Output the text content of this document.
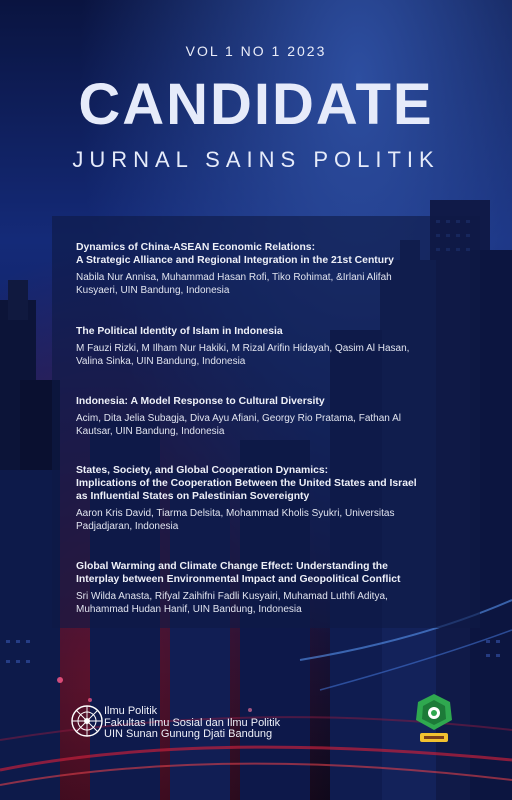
VOL 1 NO 1 2023
CANDIDATE
JURNAL SAINS POLITIK
Dynamics of China-ASEAN Economic Relations:
A Strategic Alliance and Regional Integration in the 21st Century
Nabila Nur Annisa, Muhammad Hasan Rofi, Tiko Rohimat, &Irlani Alifah
Kusyaeri, UIN Bandung, Indonesia
The Political Identity of Islam in Indonesia
M Fauzi Rizki, M Ilham Nur Hakiki, M Rizal Arifin Hidayah, Qasim Al Hasan,
Valina Sinka, UIN Bandung, Indonesia
Indonesia: A Model Response to Cultural Diversity
Acim, Dita Jelia Subagja, Diva Ayu Afiani, Georgy Rio Pratama, Fathan Al
Kautsar, UIN Bandung, Indonesia
States, Society, and Global Cooperation Dynamics:
Implications of the Cooperation Between the United States and Israel
as Influential States on Palestinian Sovereignty
Aaron Kris David, Tiarma Delsita, Mohammad Kholis Syukri, Universitas
Padjadjaran, Indonesia
Global Warming and Climate Change Effect: Understanding the
Interplay between Environmental Impact and Geopolitical Conflict
Sri Wilda Anasta, Rifyal Zaihifni Fadli Kusyairi, Muhamad Luthfi Aditya,
Muhammad Hudan Hanif, UIN Bandung, Indonesia
Ilmu Politik
Fakultas Ilmu Sosial dan Ilmu Politik
UIN Sunan Gunung Djati Bandung
